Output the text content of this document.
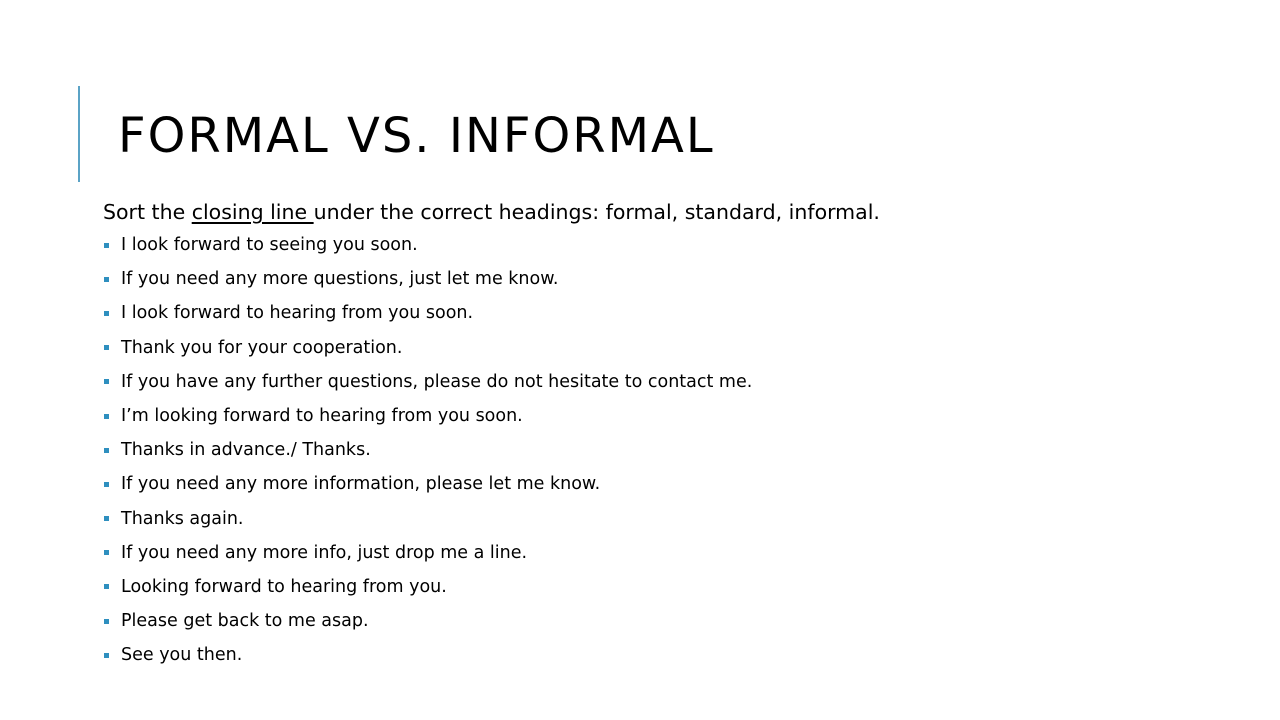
FORMAL VS. INFORMAL

Sort the closing line under the correct headings: formal, standard, informal.

I look forward to seeing you soon.
If you need any more questions, just let me know.
I look forward to hearing from you soon.
Thank you for your cooperation.
If you have any further questions, please do not hesitate to contact me.
I’m looking forward to hearing from you soon.
Thanks in advance./ Thanks.
If you need any more information, please let me know.
Thanks again.
If you need any more info, just drop me a line.
Looking forward to hearing from you.
Please get back to me asap.
See you then.
